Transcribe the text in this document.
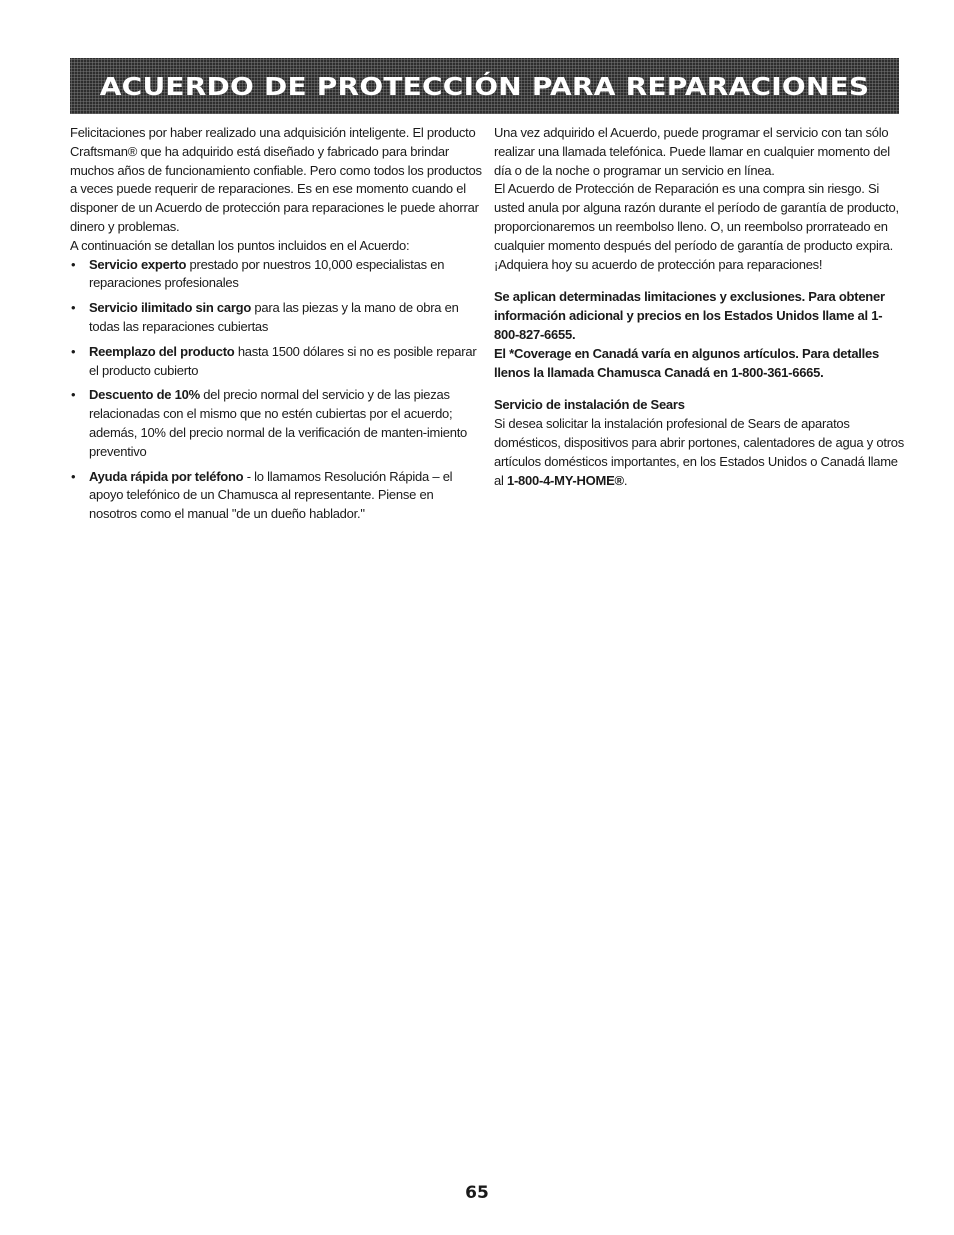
ACUERDO DE PROTECCIÓN PARA REPARACIONES

Felicitaciones por haber realizado una adquisición inteligente. El producto Craftsman® que ha adquirido está diseñado y fabricado para brindar muchos años de funcionamiento confiable. Pero como todos los productos a veces puede requerir de reparaciones. Es en ese momento cuando el disponer de un Acuerdo de protección para reparaciones le puede ahorrar dinero y problemas.

A continuación se detallan los puntos incluidos en el Acuerdo:

• Servicio experto prestado por nuestros 10,000 especialistas en reparaciones profesionales
• Servicio ilimitado sin cargo para las piezas y la mano de obra en todas las reparaciones cubiertas
• Reemplazo del producto hasta 1500 dólares si no es posible reparar el producto cubierto
• Descuento de 10% del precio normal del servicio y de las piezas relacionadas con el mismo que no estén cubiertas por el acuerdo; además, 10% del precio normal de la verificación de manten-imiento preventivo
• Ayuda rápida por teléfono - lo llamamos Resolución Rápida – el apoyo telefónico de un Chamusca al representante. Piense en nosotros como el manual "de un dueño hablador."

Una vez adquirido el Acuerdo, puede programar el servicio con tan sólo realizar una llamada telefónica. Puede llamar en cualquier momento del día o de la noche o programar un servicio en línea.

El Acuerdo de Protección de Reparación es una compra sin riesgo. Si usted anula por alguna razón durante el período de garantía de producto, proporcionaremos un reembolso lleno. O, un reembolso prorrateado en cualquier momento después del período de garantía de producto expira. ¡Adquiera hoy su acuerdo de protección para reparaciones!

Se aplican determinadas limitaciones y exclusiones. Para obtener información adicional y precios en los Estados Unidos llame al 1-800-827-6655.

El *Coverage en Canadá varía en algunos artículos. Para detalles llenos la llamada Chamusca Canadá en 1-800-361-6665.

Servicio de instalación de Sears

Si desea solicitar la instalación profesional de Sears de aparatos domésticos, dispositivos para abrir portones, calentadores de agua y otros artículos domésticos importantes, en los Estados Unidos o Canadá llame al 1-800-4-MY-HOME®.

65
